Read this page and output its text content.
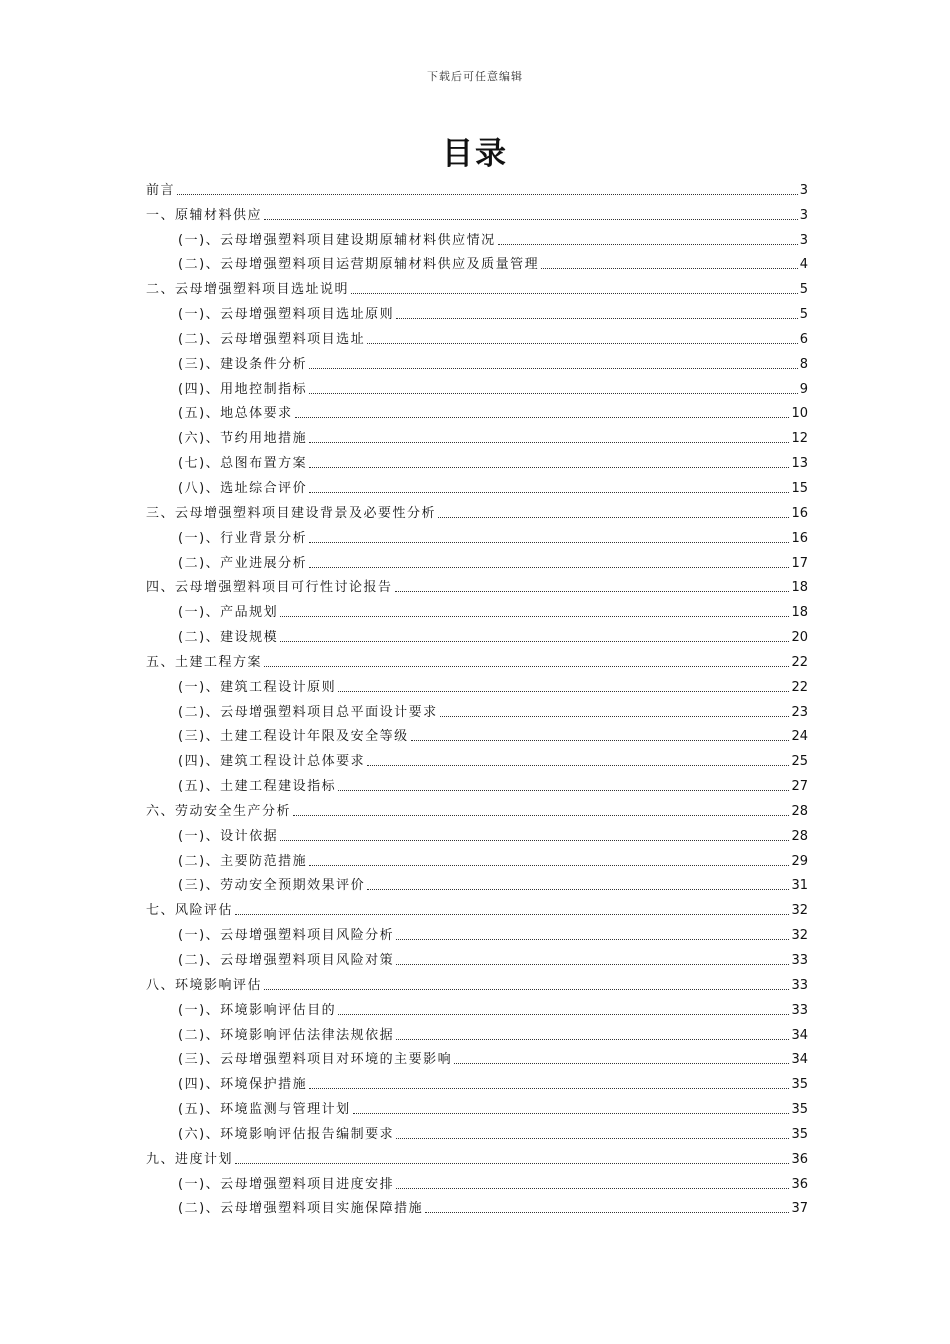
下载后可任意编辑
目录
前言	3
一、原辅材料供应	3
(一)、云母增强塑料项目建设期原辅材料供应情况	3
(二)、云母增强塑料项目运营期原辅材料供应及质量管理	4
二、云母增强塑料项目选址说明	5
(一)、云母增强塑料项目选址原则	5
(二)、云母增强塑料项目选址	6
(三)、建设条件分析	8
(四)、用地控制指标	9
(五)、地总体要求	10
(六)、节约用地措施	12
(七)、总图布置方案	13
(八)、选址综合评价	15
三、云母增强塑料项目建设背景及必要性分析	16
(一)、行业背景分析	16
(二)、产业进展分析	17
四、云母增强塑料项目可行性讨论报告	18
(一)、产品规划	18
(二)、建设规模	20
五、土建工程方案	22
(一)、建筑工程设计原则	22
(二)、云母增强塑料项目总平面设计要求	23
(三)、土建工程设计年限及安全等级	24
(四)、建筑工程设计总体要求	25
(五)、土建工程建设指标	27
六、劳动安全生产分析	28
(一)、设计依据	28
(二)、主要防范措施	29
(三)、劳动安全预期效果评价	31
七、风险评估	32
(一)、云母增强塑料项目风险分析	32
(二)、云母增强塑料项目风险对策	33
八、环境影响评估	33
(一)、环境影响评估目的	33
(二)、环境影响评估法律法规依据	34
(三)、云母增强塑料项目对环境的主要影响	34
(四)、环境保护措施	35
(五)、环境监测与管理计划	35
(六)、环境影响评估报告编制要求	35
九、进度计划	36
(一)、云母增强塑料项目进度安排	36
(二)、云母增强塑料项目实施保障措施	37
